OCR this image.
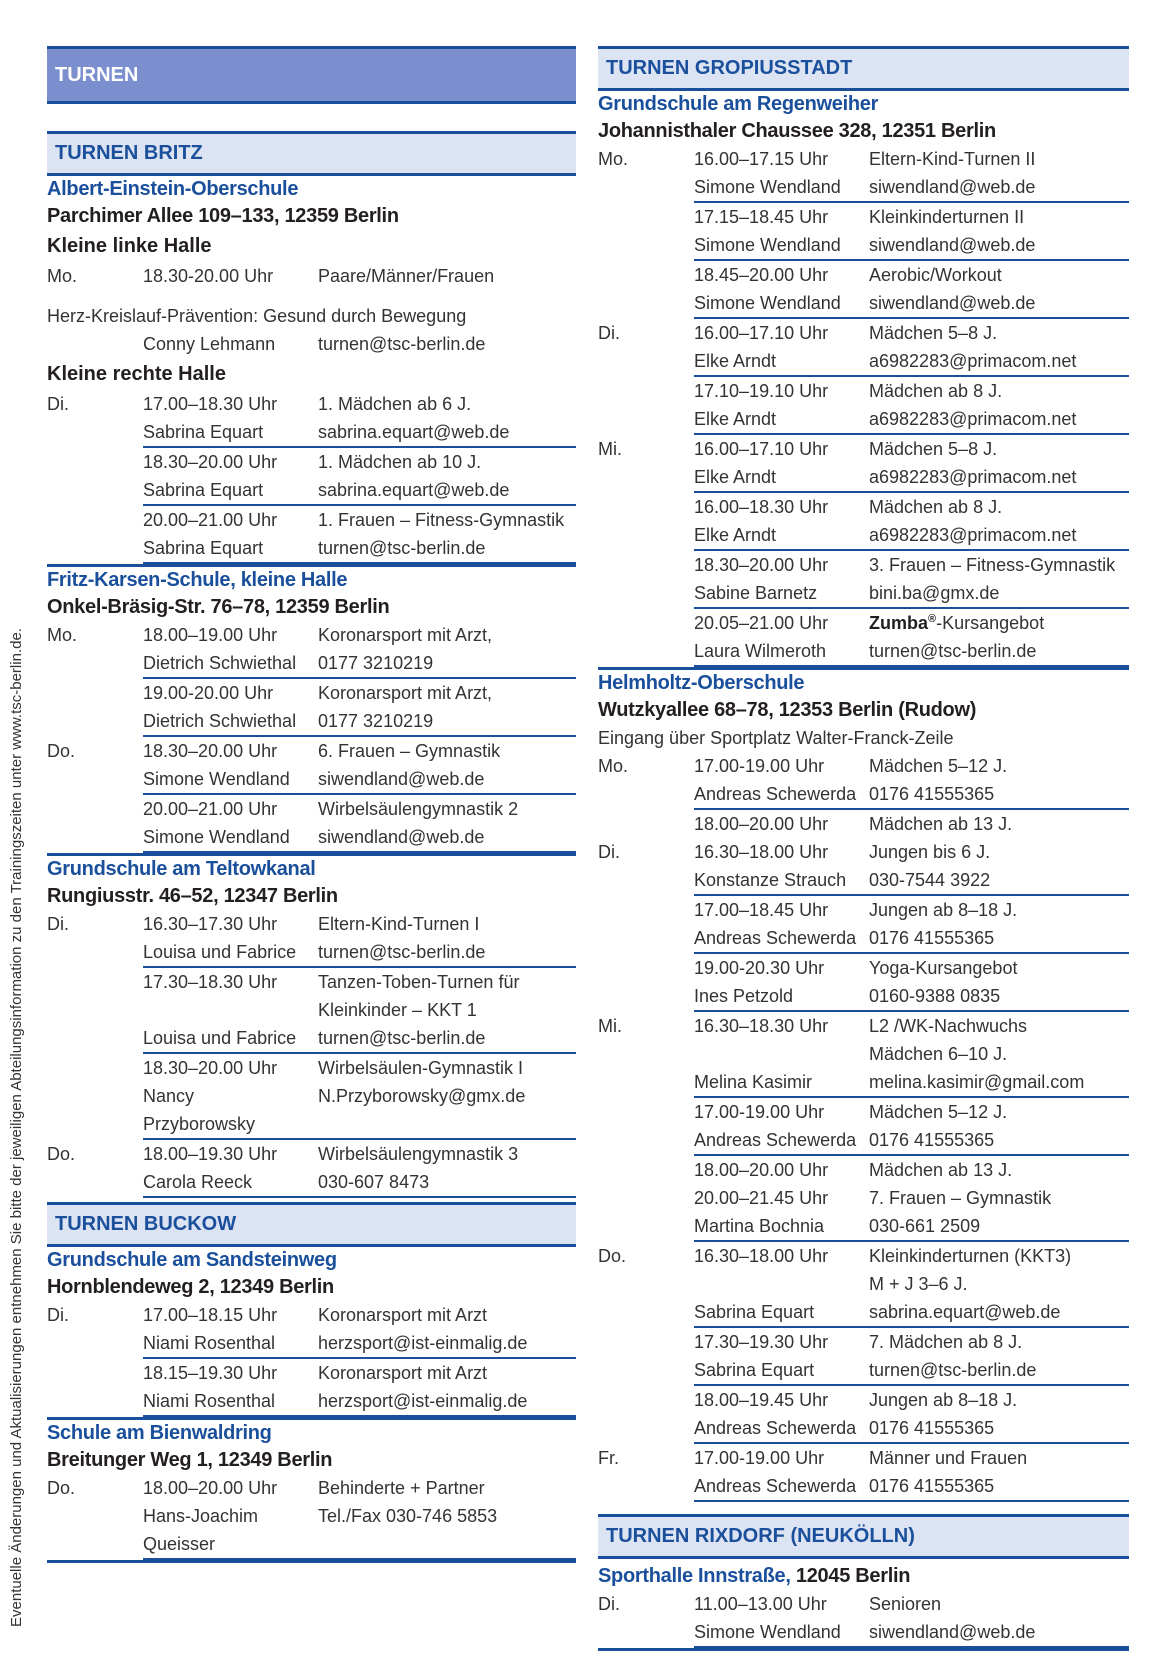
Eventuelle Änderungen und Aktualisierungen entnehmen Sie bitte der jeweiligen Abteilungsinformation zu den Trainingszeiten unter www.tsc-berlin.de.
TURNEN
TURNEN BRITZ
Albert-Einstein-Oberschule
Parchimer Allee 109–133, 12359 Berlin
Kleine linke Halle
Mo.	18.30-20.00 Uhr	Paare/Männer/Frauen
Herz-Kreislauf-Prävention: Gesund durch Bewegung
Conny Lehmann	turnen@tsc-berlin.de
Kleine rechte Halle
Di.	17.00–18.30 Uhr	1. Mädchen ab 6 J.
Sabrina Equart	sabrina.equart@web.de
18.30–20.00 Uhr	1. Mädchen ab 10 J.
Sabrina Equart	sabrina.equart@web.de
20.00–21.00 Uhr	1. Frauen – Fitness-Gymnastik
Sabrina Equart	turnen@tsc-berlin.de
Fritz-Karsen-Schule, kleine Halle
Onkel-Bräsig-Str. 76–78, 12359 Berlin
Mo.	18.00–19.00 Uhr	Koronarsport mit Arzt,
Dietrich Schwiethal	0177 3210219
19.00-20.00 Uhr	Koronarsport mit Arzt,
Dietrich Schwiethal	0177 3210219
Do.	18.30–20.00 Uhr	6. Frauen – Gymnastik
Simone Wendland	siwendland@web.de
20.00–21.00 Uhr	Wirbelsäulengymnastik 2
Simone Wendland	siwendland@web.de
Grundschule am Teltowkanal
Rungiusstr. 46–52, 12347 Berlin
Di.	16.30–17.30 Uhr	Eltern-Kind-Turnen I
Louisa und Fabrice	turnen@tsc-berlin.de
17.30–18.30 Uhr	Tanzen-Toben-Turnen für
Kleinkinder – KKT 1
Louisa und Fabrice	turnen@tsc-berlin.de
18.30–20.00 Uhr	Wirbelsäulen-Gymnastik I
Nancy	N.Przyborowsky@gmx.de
Przyborowsky
Do.	18.00–19.30 Uhr	Wirbelsäulengymnastik 3
Carola Reeck	030-607 8473
TURNEN BUCKOW
Grundschule am Sandsteinweg
Hornblendeweg 2, 12349 Berlin
Di.	17.00–18.15 Uhr	Koronarsport mit Arzt
Niami Rosenthal	herzsport@ist-einmalig.de
18.15–19.30 Uhr	Koronarsport mit Arzt
Niami Rosenthal	herzsport@ist-einmalig.de
Schule am Bienwaldring
Breitunger Weg 1, 12349 Berlin
Do.	18.00–20.00 Uhr	Behinderte + Partner
Hans-Joachim	Tel./Fax 030-746 5853
Queisser
TURNEN GROPIUSSTADT
Grundschule am Regenweiher
Johannisthaler Chaussee 328, 12351 Berlin
Mo.	16.00–17.15 Uhr	Eltern-Kind-Turnen II
Simone Wendland	siwendland@web.de
17.15–18.45 Uhr	Kleinkinderturnen II
Simone Wendland	siwendland@web.de
18.45–20.00 Uhr	Aerobic/Workout
Simone Wendland	siwendland@web.de
Di.	16.00–17.10 Uhr	Mädchen 5–8 J.
Elke Arndt	a6982283@primacom.net
17.10–19.10 Uhr	Mädchen ab 8 J.
Elke Arndt	a6982283@primacom.net
Mi.	16.00–17.10 Uhr	Mädchen 5–8 J.
Elke Arndt	a6982283@primacom.net
16.00–18.30 Uhr	Mädchen ab 8 J.
Elke Arndt	a6982283@primacom.net
18.30–20.00 Uhr	3. Frauen – Fitness-Gymnastik
Sabine Barnetz	bini.ba@gmx.de
20.05–21.00 Uhr	Zumba®-Kursangebot
Laura Wilmeroth	turnen@tsc-berlin.de
Helmholtz-Oberschule
Wutzkyallee 68–78, 12353 Berlin (Rudow)
Eingang über Sportplatz Walter-Franck-Zeile
Mo.	17.00-19.00 Uhr	Mädchen 5–12 J.
Andreas Schewerda 0176 41555365
18.00–20.00 Uhr	Mädchen ab 13 J.
Di.	16.30–18.00 Uhr	Jungen bis 6 J.
Konstanze Strauch	030-7544 3922
17.00–18.45 Uhr	Jungen ab 8–18 J.
Andreas Schewerda 0176 41555365
19.00-20.30 Uhr	Yoga-Kursangebot
Ines Petzold	0160-9388 0835
Mi.	16.30–18.30 Uhr	L2 /WK-Nachwuchs
Mädchen 6–10 J.
Melina Kasimir	melina.kasimir@gmail.com
17.00-19.00 Uhr	Mädchen 5–12 J.
Andreas Schewerda 0176 41555365
18.00–20.00 Uhr	Mädchen ab 13 J.
20.00–21.45 Uhr	7. Frauen – Gymnastik
Martina Bochnia	030-661 2509
Do.	16.30–18.00 Uhr	Kleinkinderturnen (KKT3)
M + J 3–6 J.
Sabrina Equart	sabrina.equart@web.de
17.30–19.30 Uhr	7. Mädchen ab 8 J.
Sabrina Equart	turnen@tsc-berlin.de
18.00–19.45 Uhr	Jungen ab 8–18 J.
Andreas Schewerda 0176 41555365
Fr.	17.00-19.00 Uhr	Männer und Frauen
Andreas Schewerda 0176 41555365
TURNEN RIXDORF (NEUKÖLLN)
Sporthalle Innstraße, 12045 Berlin
Di.	11.00–13.00 Uhr	Senioren
Simone Wendland	siwendland@web.de
